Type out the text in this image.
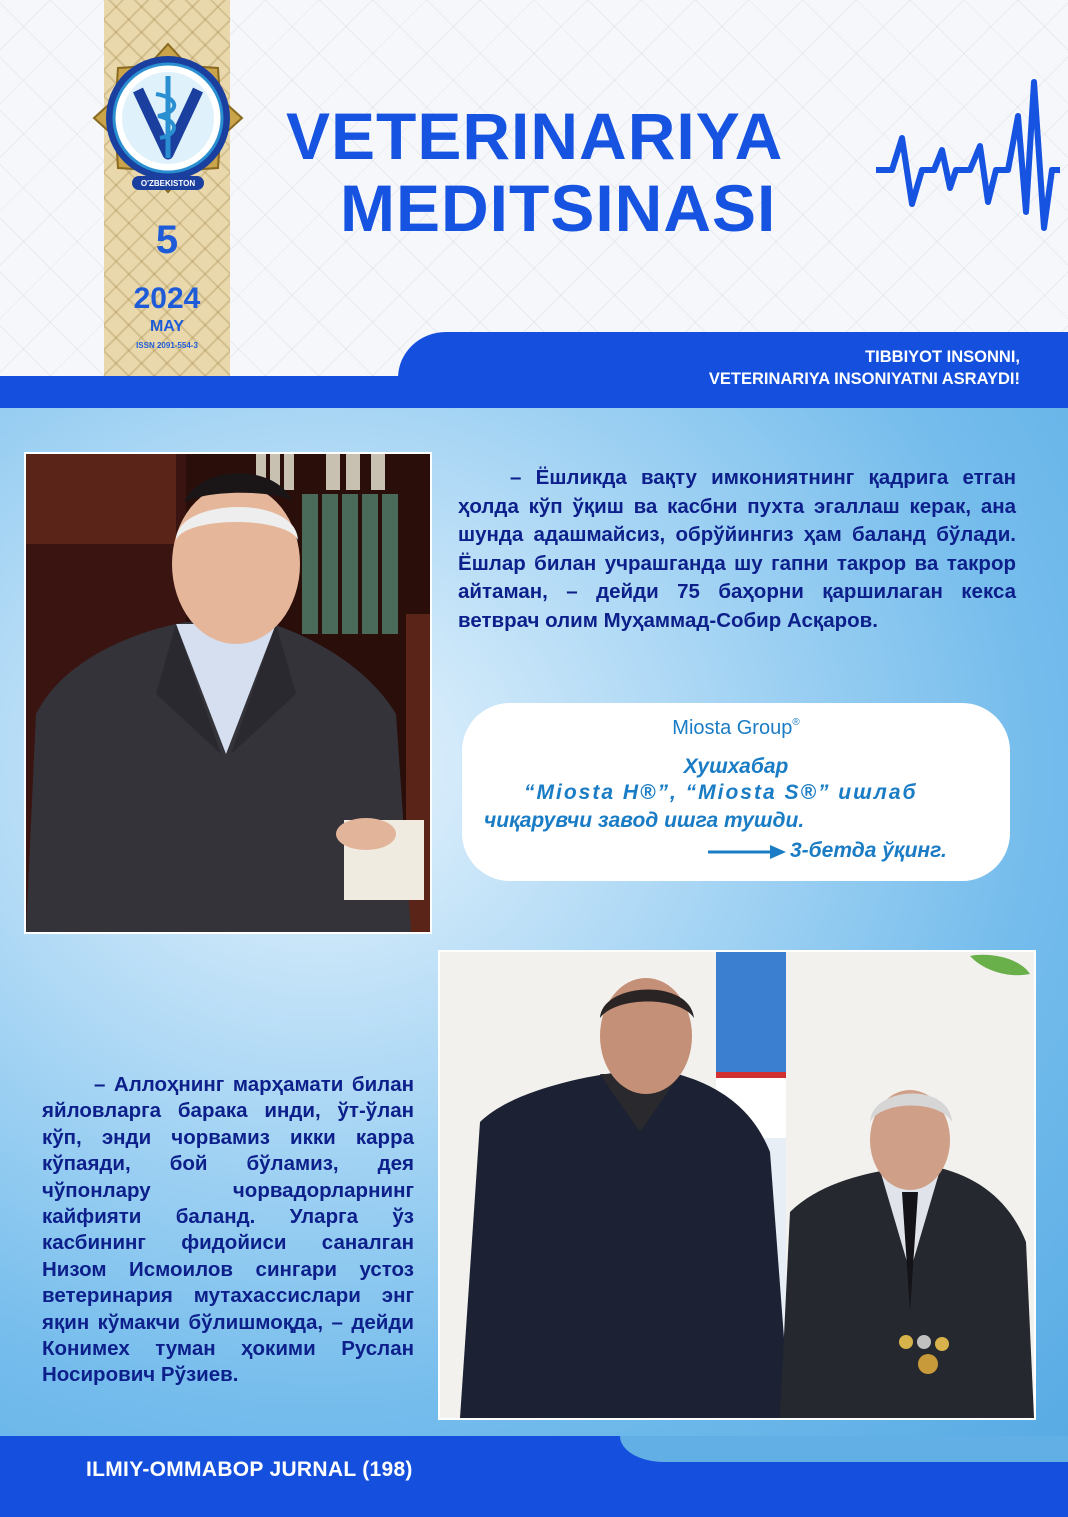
O'ZBEKISTON
5
2024
MAY
ISSN 2091-554-3
VETERINARIYA
MEDITSINASI
TIBBIYOT INSONNI,
VETERINARIYA INSONIYATNI ASRAYDI!
– Ёшликда вақту имкониятнинг қадрига етган ҳолда кўп ўқиш ва касбни пухта эгаллаш керак, ана шунда адашмайсиз, обрўйингиз ҳам баланд бўлади. Ёшлар билан учрашганда шу гапни такрор ва такрор айтаман, – дейди 75 баҳорни қаршилаган кекса ветврач олим Муҳаммад-Собир Асқаров.
Miosta Group®
Хушхабар
“Miosta H®”, “Miosta S®” ишлаб
чиқарувчи завод ишга тушди.
3-бетда ўқинг.
– Аллоҳнинг марҳамати билан яйловларга барака инди, ўт-ўлан кўп, энди чорвамиз икки карра кўпаяди, бой бўламиз, дея чўпонлару чорвадорларнинг кайфияти баланд. Уларга ўз касбининг фидойиси саналган Низом Исмоилов сингари устоз ветеринария мутахассислари энг яқин кўмакчи бўлишмоқда, – дейди Конимех туман ҳокими Руслан Носирович Рўзиев.
ILMIY-OMMABOP JURNAL (198)
